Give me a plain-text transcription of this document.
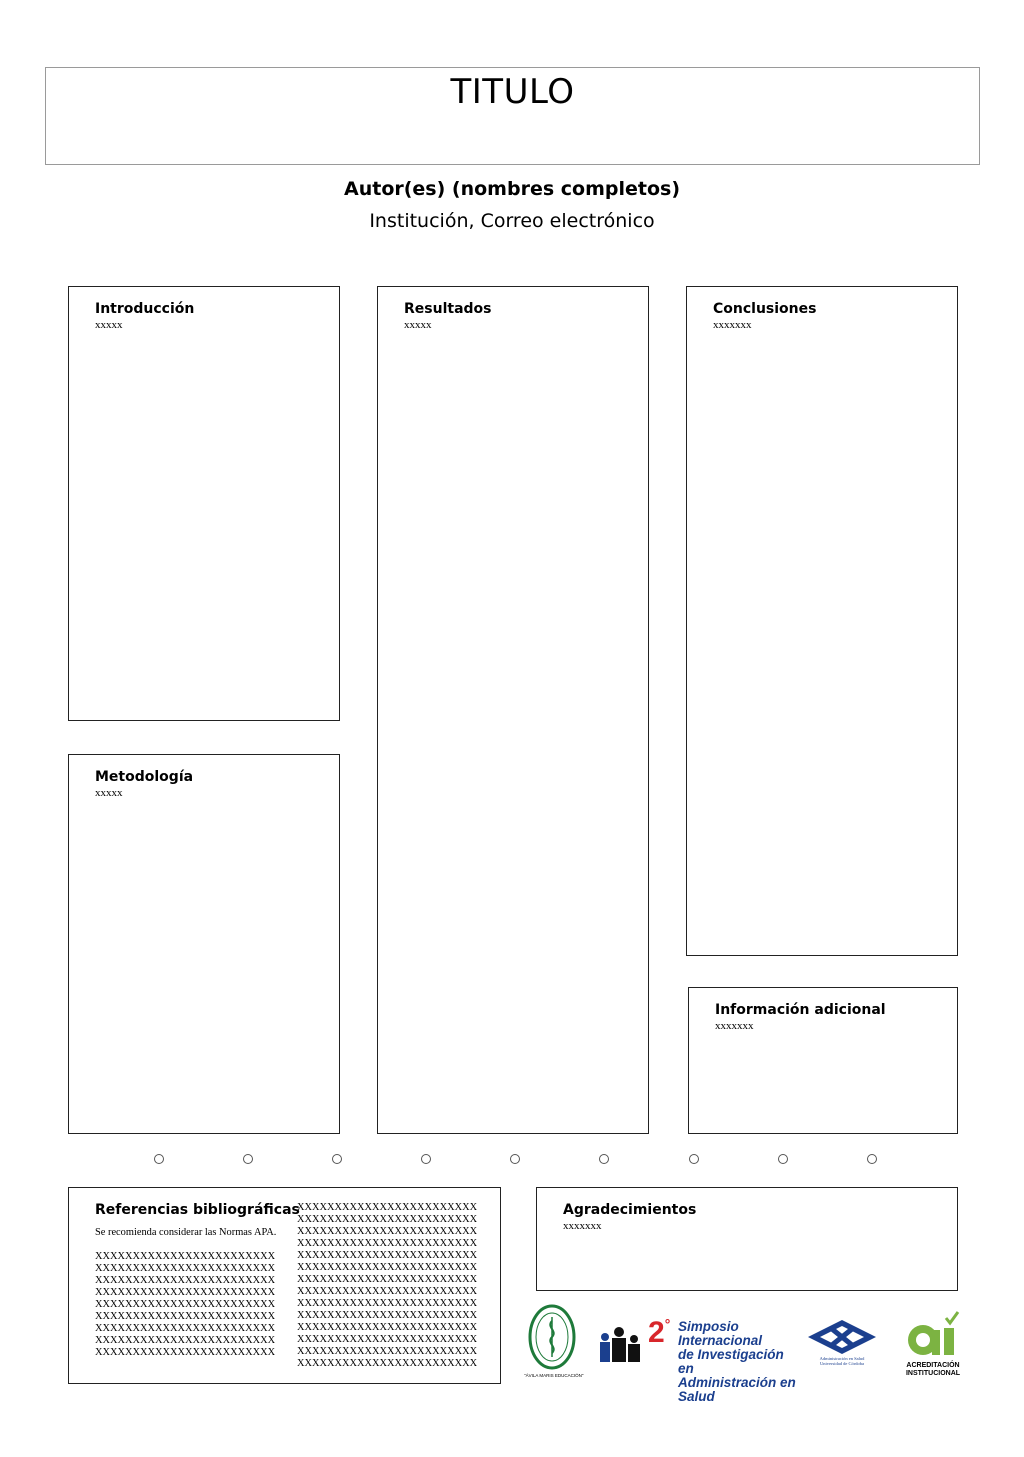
TITULO
Autor(es) (nombres completos)
Institución, Correo electrónico
Introducción
xxxxx
Metodología
xxxxx
Resultados
xxxxx
Conclusiones
xxxxxxx
Información adicional
xxxxxxx
Referencias bibliográficas
Se recomienda considerar las Normas APA.
XXXXXXXXXXXXXXXXXXXXXXXX
XXXXXXXXXXXXXXXXXXXXXXXX
XXXXXXXXXXXXXXXXXXXXXXXX
XXXXXXXXXXXXXXXXXXXXXXXX
XXXXXXXXXXXXXXXXXXXXXXXX
XXXXXXXXXXXXXXXXXXXXXXXX
XXXXXXXXXXXXXXXXXXXXXXXX
XXXXXXXXXXXXXXXXXXXXXXXX
XXXXXXXXXXXXXXXXXXXXXXXX
XXXXXXXXXXXXXXXXXXXXXXXX
XXXXXXXXXXXXXXXXXXXXXXXX
XXXXXXXXXXXXXXXXXXXXXXXX
XXXXXXXXXXXXXXXXXXXXXXXX
XXXXXXXXXXXXXXXXXXXXXXXX
XXXXXXXXXXXXXXXXXXXXXXXX
XXXXXXXXXXXXXXXXXXXXXXXX
XXXXXXXXXXXXXXXXXXXXXXXX
XXXXXXXXXXXXXXXXXXXXXXXX
XXXXXXXXXXXXXXXXXXXXXXXX
XXXXXXXXXXXXXXXXXXXXXXXX
XXXXXXXXXXXXXXXXXXXXXXXX
XXXXXXXXXXXXXXXXXXXXXXXX
XXXXXXXXXXXXXXXXXXXXXXXX
Agradecimientos
xxxxxxx
"ÁVILA MARIS EDUCACIÓN"
2° Simposio Internacional
de Investigación en
Administración en Salud
Administración en Salud
Universidad de Córdoba	ACREDITACIÓN
INSTITUCIONAL
